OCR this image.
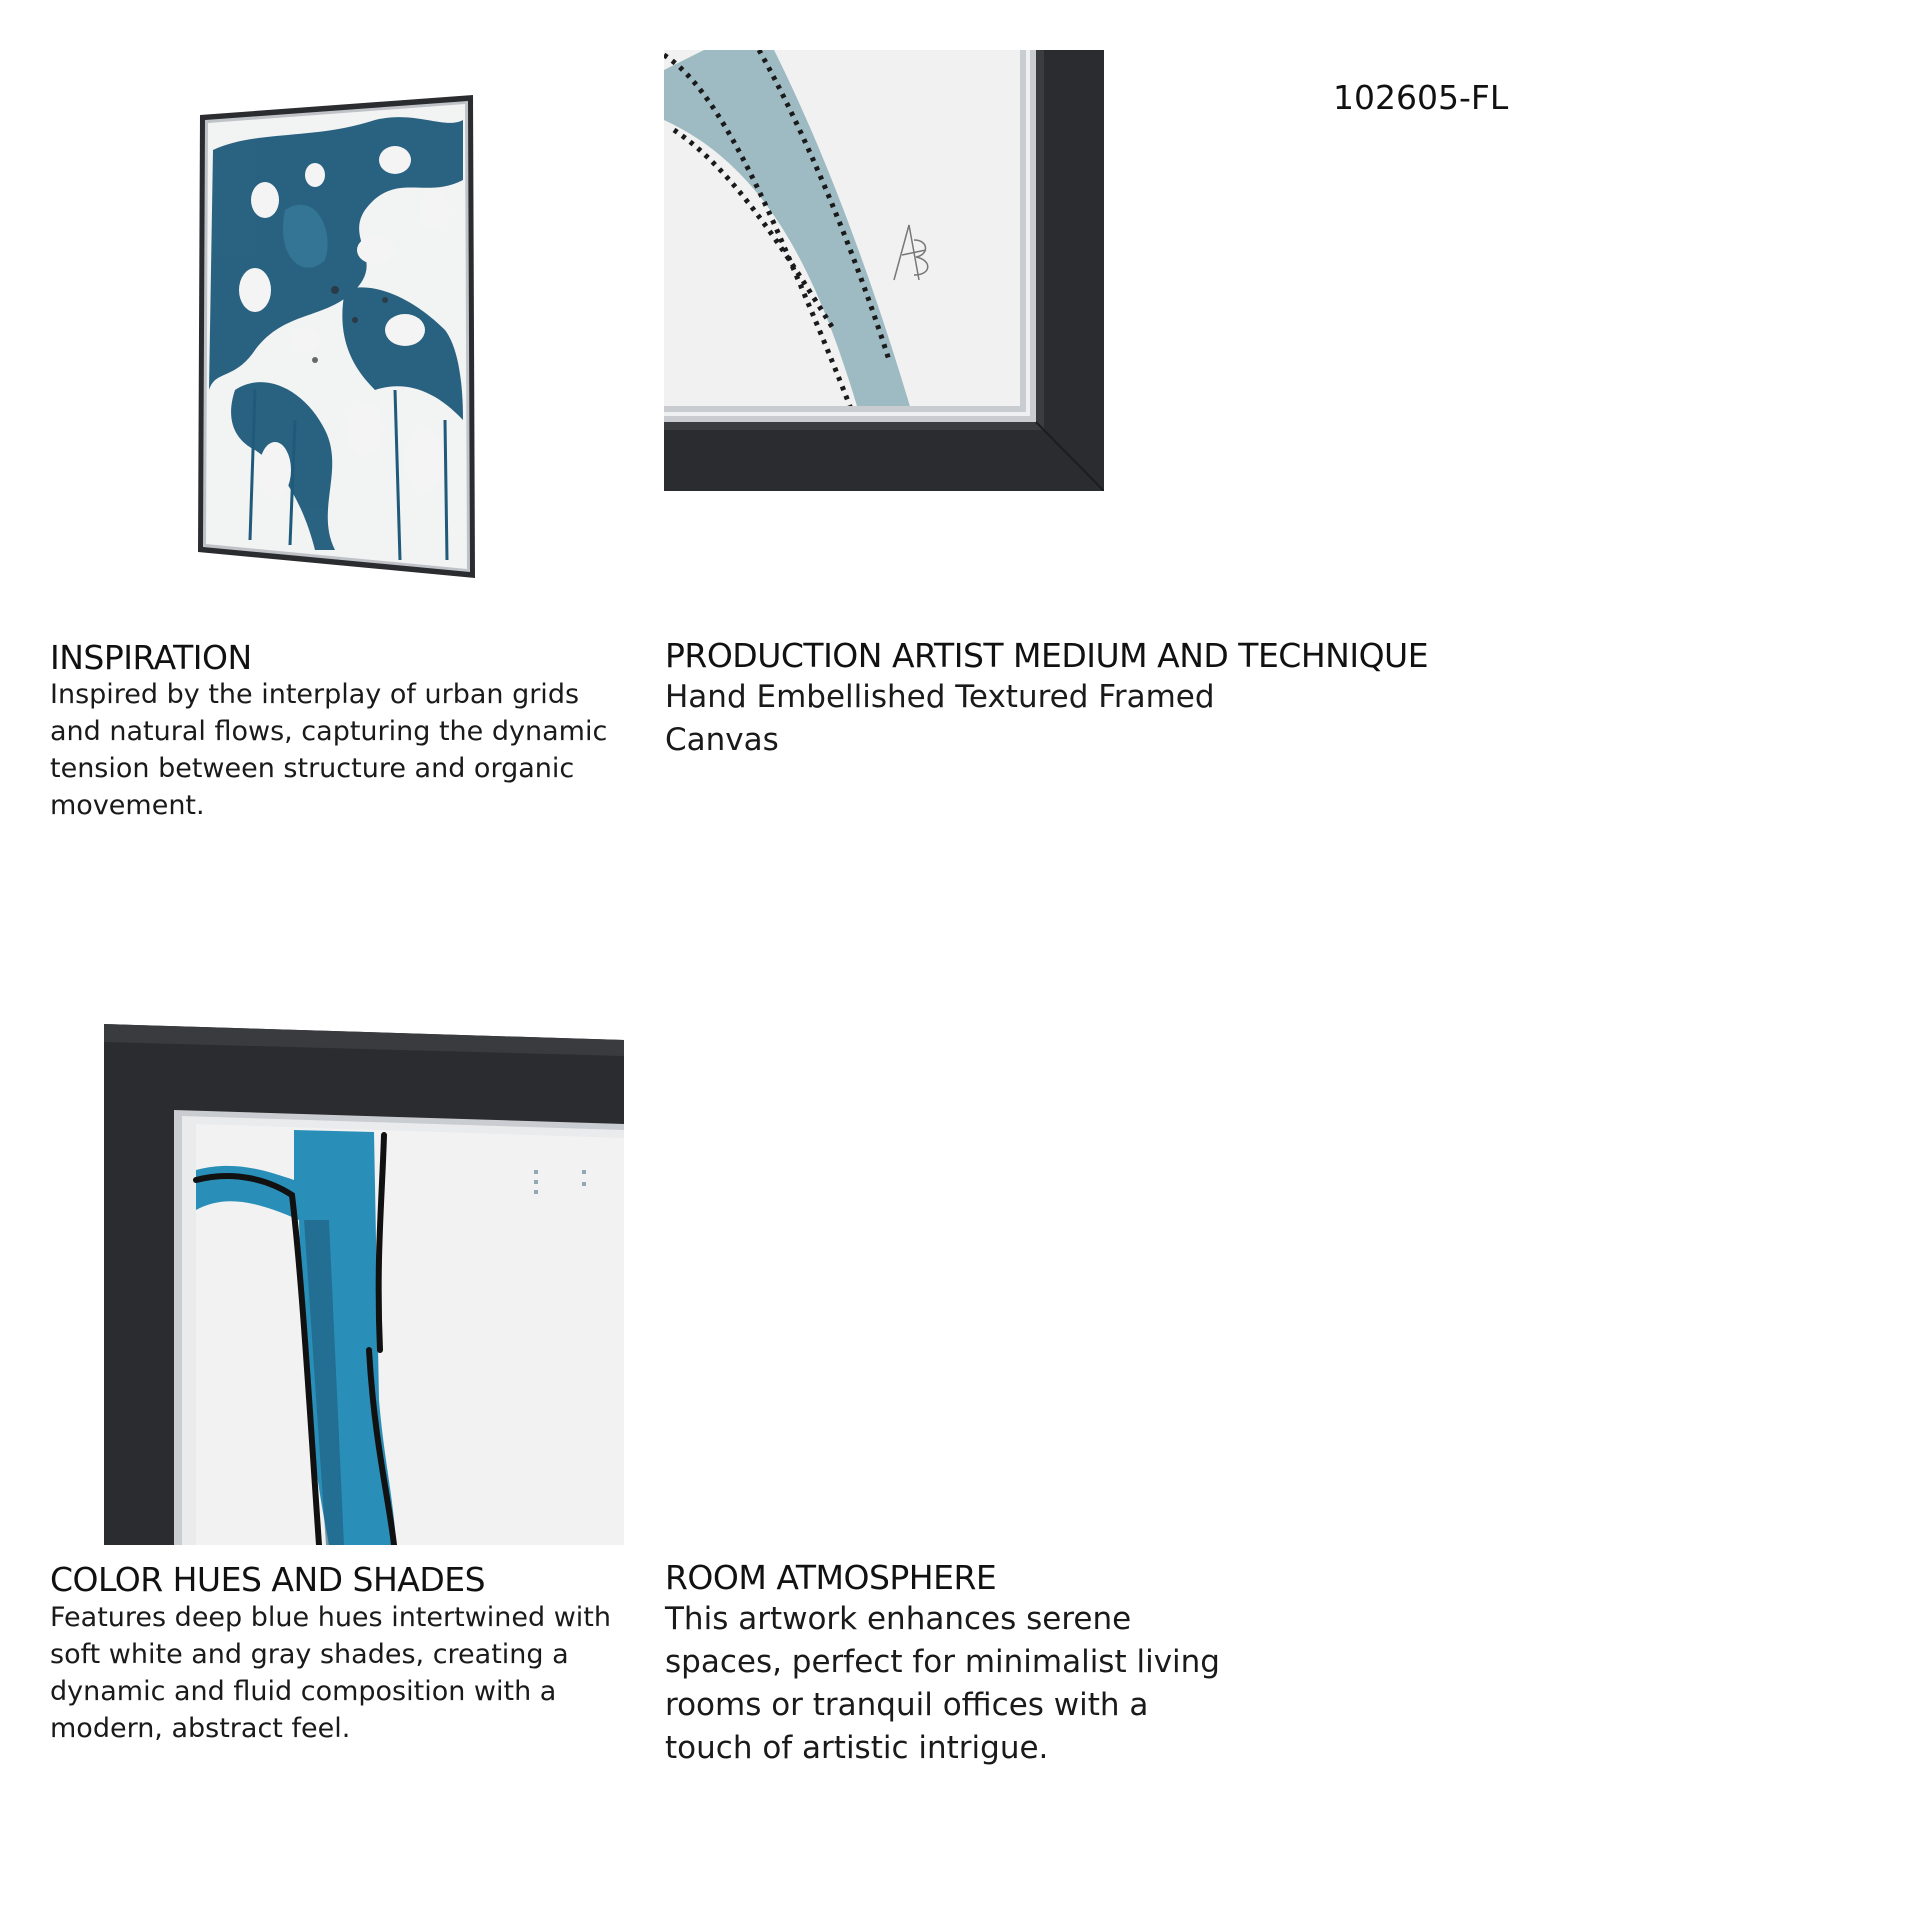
102605-FL
INSPIRATION
Inspired by the interplay of urban grids and natural flows, capturing the dynamic tension between structure and organic movement.
PRODUCTION ARTIST MEDIUM AND TECHNIQUE
Hand Embellished Textured Framed Canvas
COLOR HUES AND SHADES
Features deep blue hues intertwined with soft white and gray shades, creating a dynamic and fluid composition with a modern, abstract feel.
ROOM ATMOSPHERE
This artwork enhances serene spaces, perfect for minimalist living rooms or tranquil offices with a touch of artistic intrigue.
